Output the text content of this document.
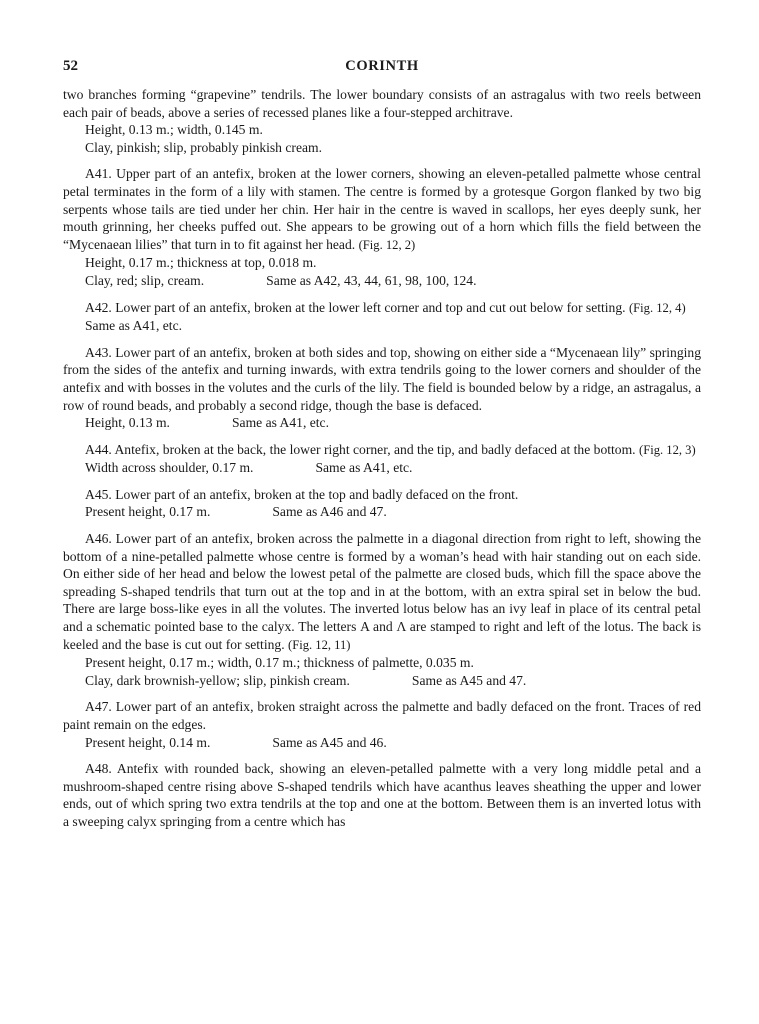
52	CORINTH

two branches forming “grapevine” tendrils. The lower boundary consists of an astragalus with two reels between each pair of beads, above a series of recessed planes like a four-stepped architrave.

Height, 0.13 m.; width, 0.145 m.

Clay, pinkish; slip, probably pinkish cream.

A41. Upper part of an antefix, broken at the lower corners, showing an eleven-petalled palmette whose central petal terminates in the form of a lily with stamen. The centre is formed by a grotesque Gorgon flanked by two big serpents whose tails are tied under her chin. Her hair in the centre is waved in scallops, her eyes deeply sunk, her mouth grinning, her cheeks puffed out. She appears to be growing out of a horn which fills the field between the “Mycenaean lilies” that turn in to fit against her head. (Fig. 12, 2)

Height, 0.17 m.; thickness at top, 0.018 m.

Clay, red; slip, cream.	Same as A42, 43, 44, 61, 98, 100, 124.

A42. Lower part of an antefix, broken at the lower left corner and top and cut out below for setting. (Fig. 12, 4)

Same as A41, etc.

A43. Lower part of an antefix, broken at both sides and top, showing on either side a “Mycenaean lily” springing from the sides of the antefix and turning inwards, with extra tendrils going to the lower corners and shoulder of the antefix and with bosses in the volutes and the curls of the lily. The field is bounded below by a ridge, an astragalus, a row of round beads, and probably a second ridge, though the base is defaced.

Height, 0.13 m.	Same as A41, etc.

A44. Antefix, broken at the back, the lower right corner, and the tip, and badly defaced at the bottom. (Fig. 12, 3)

Width across shoulder, 0.17 m.	Same as A41, etc.

A45. Lower part of an antefix, broken at the top and badly defaced on the front.

Present height, 0.17 m.	Same as A46 and 47.

A46. Lower part of an antefix, broken across the palmette in a diagonal direction from right to left, showing the bottom of a nine-petalled palmette whose centre is formed by a woman’s head with hair standing out on each side. On either side of her head and below the lowest petal of the palmette are closed buds, which fill the space above the spreading S-shaped tendrils that turn out at the top and in at the bottom, with an extra spiral set in below the bud. There are large boss-like eyes in all the volutes. The inverted lotus below has an ivy leaf in place of its central petal and a schematic pointed base to the calyx. The letters Α and Λ are stamped to right and left of the lotus. The back is keeled and the base is cut out for setting. (Fig. 12, 11)

Present height, 0.17 m.; width, 0.17 m.; thickness of palmette, 0.035 m.

Clay, dark brownish-yellow; slip, pinkish cream.	Same as A45 and 47.

A47. Lower part of an antefix, broken straight across the palmette and badly defaced on the front. Traces of red paint remain on the edges.

Present height, 0.14 m.	Same as A45 and 46.

A48. Antefix with rounded back, showing an eleven-petalled palmette with a very long middle petal and a mushroom-shaped centre rising above S-shaped tendrils which have acanthus leaves sheathing the upper and lower ends, out of which spring two extra tendrils at the top and one at the bottom. Between them is an inverted lotus with a sweeping calyx springing from a centre which has
